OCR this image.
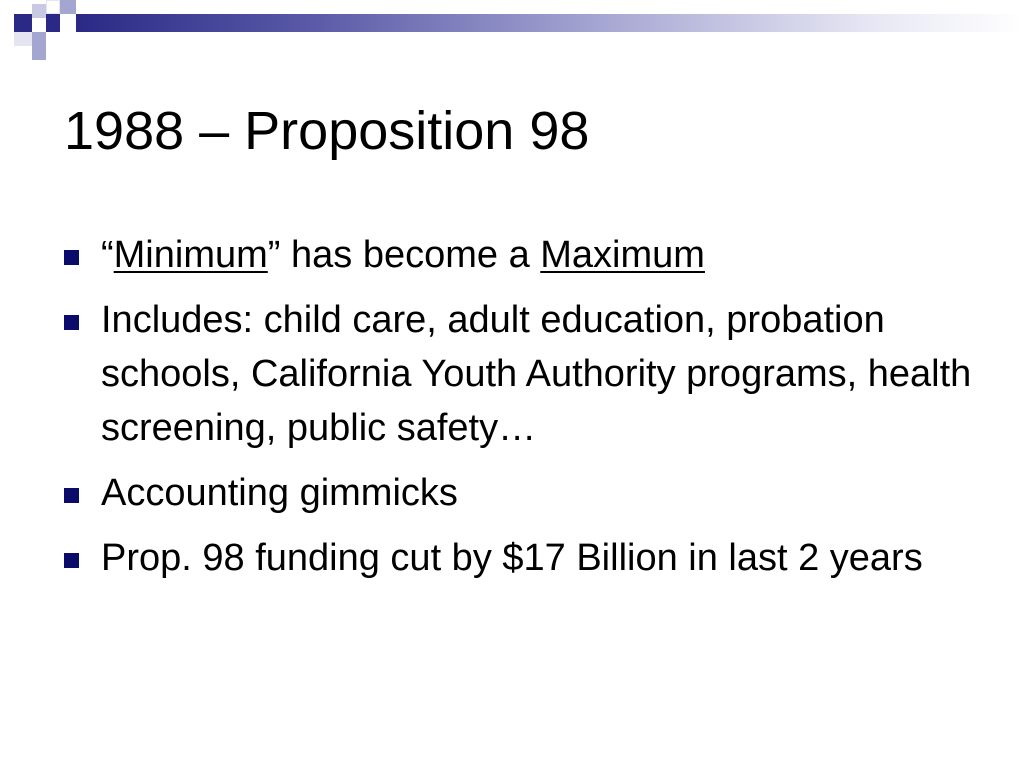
1988 – Proposition 98
“Minimum” has become a Maximum
Includes: child care, adult education, probation schools, California Youth Authority programs, health screening, public safety…
Accounting gimmicks
Prop. 98 funding cut by $17 Billion in last 2 years
